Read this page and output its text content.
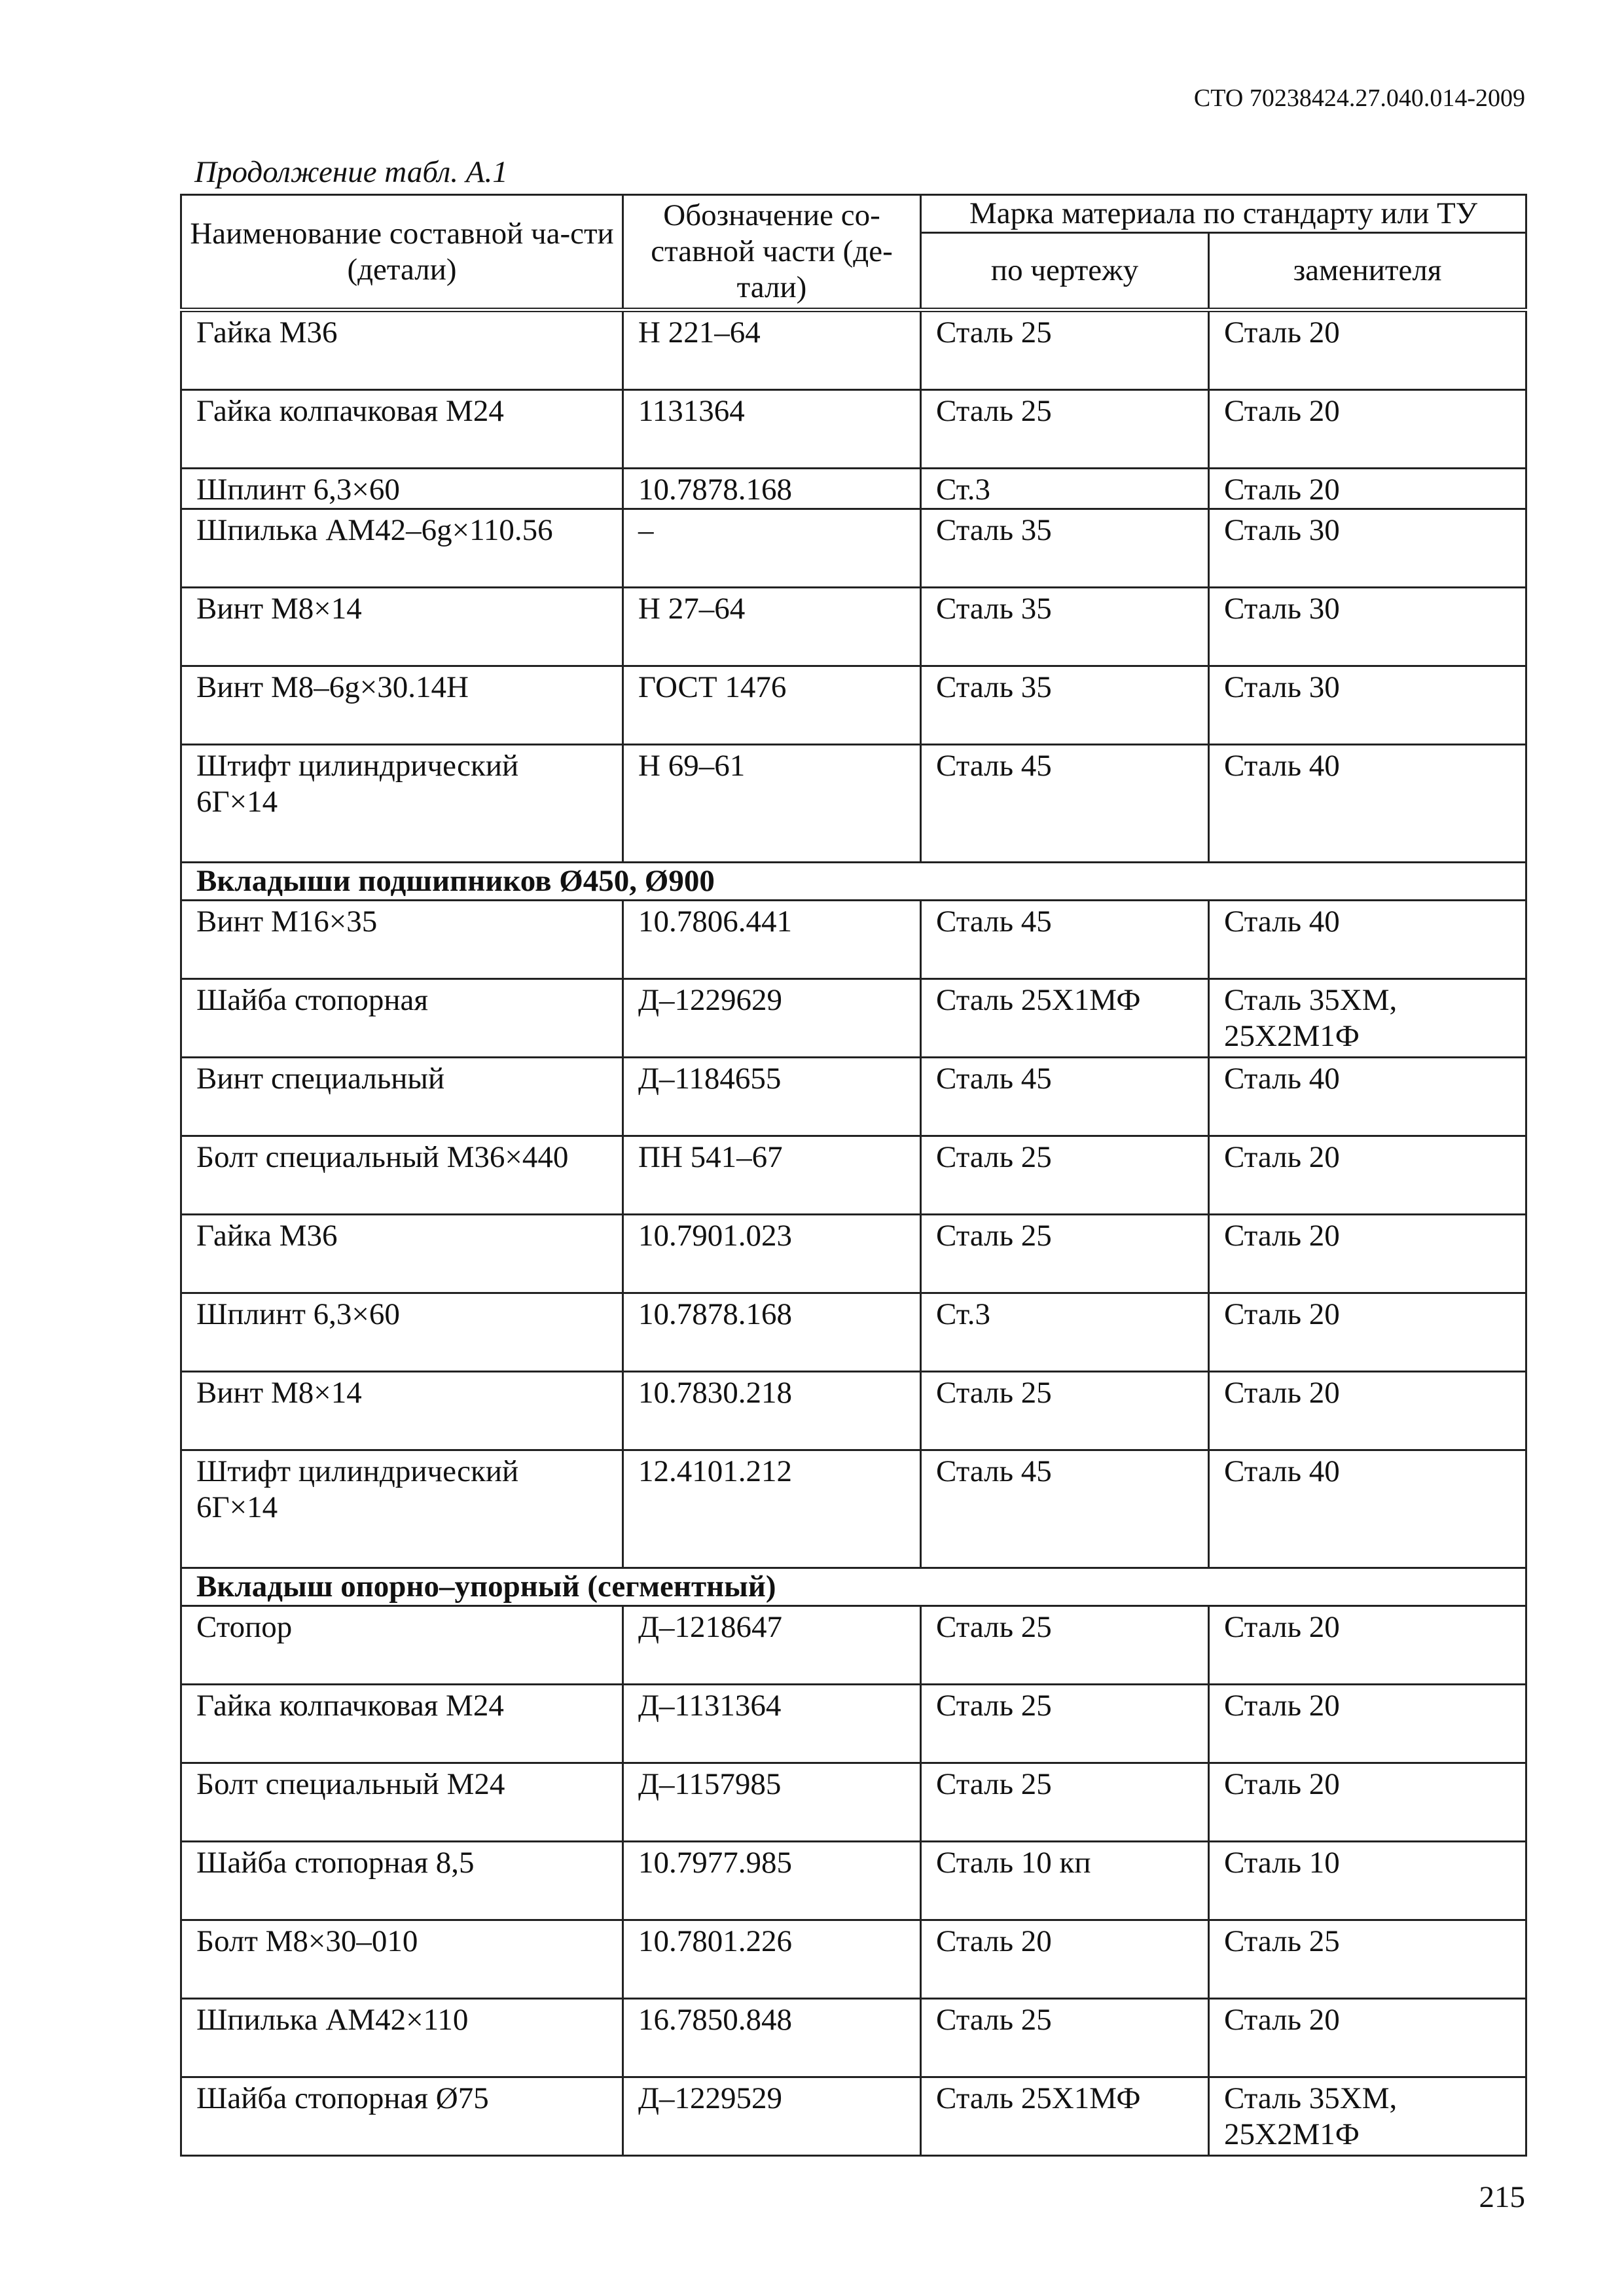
СТО 70238424.27.040.014-2009
Продолжение табл. А.1
Наименование составной ча-сти (детали)	Обозначение со-ставной части (де-тали)	Марка материала по стандарту или ТУ	
		по чертежу	заменителя
Гайка М36	Н 221–64	Сталь 25	Сталь 20
Гайка колпачковая М24	1131364	Сталь 25	Сталь 20
Шплинт 6,3×60	10.7878.168	Ст.3	Сталь 20
Шпилька АМ42–6g×110.56	–	Сталь 35	Сталь 30
Винт М8×14	Н 27–64	Сталь 35	Сталь 30
Винт М8–6g×30.14Н	ГОСТ 1476	Сталь 35	Сталь 30
Штифт цилиндрический 6Г×14	Н 69–61	Сталь 45	Сталь 40
Вкладыши подшипников Ø450, Ø900			
Винт М16×35	10.7806.441	Сталь 45	Сталь 40
Шайба стопорная	Д–1229629	Сталь 25Х1МФ	Сталь 35ХМ, 25Х2М1Ф
Винт специальный	Д–1184655	Сталь 45	Сталь 40
Болт специальный М36×440	ПН 541–67	Сталь 25	Сталь 20
Гайка М36	10.7901.023	Сталь 25	Сталь 20
Шплинт 6,3×60	10.7878.168	Ст.3	Сталь 20
Винт М8×14	10.7830.218	Сталь 25	Сталь 20
Штифт цилиндрический 6Г×14	12.4101.212	Сталь 45	Сталь 40
Вкладыш опорно–упорный (сегментный)			
Стопор	Д–1218647	Сталь 25	Сталь 20
Гайка колпачковая М24	Д–1131364	Сталь 25	Сталь 20
Болт специальный М24	Д–1157985	Сталь 25	Сталь 20
Шайба стопорная 8,5	10.7977.985	Сталь 10 кп	Сталь 10
Болт М8×30–010	10.7801.226	Сталь 20	Сталь 25
Шпилька АМ42×110	16.7850.848	Сталь 25	Сталь 20
Шайба стопорная Ø75	Д–1229529	Сталь 25Х1МФ	Сталь 35ХМ, 25Х2М1Ф
215
